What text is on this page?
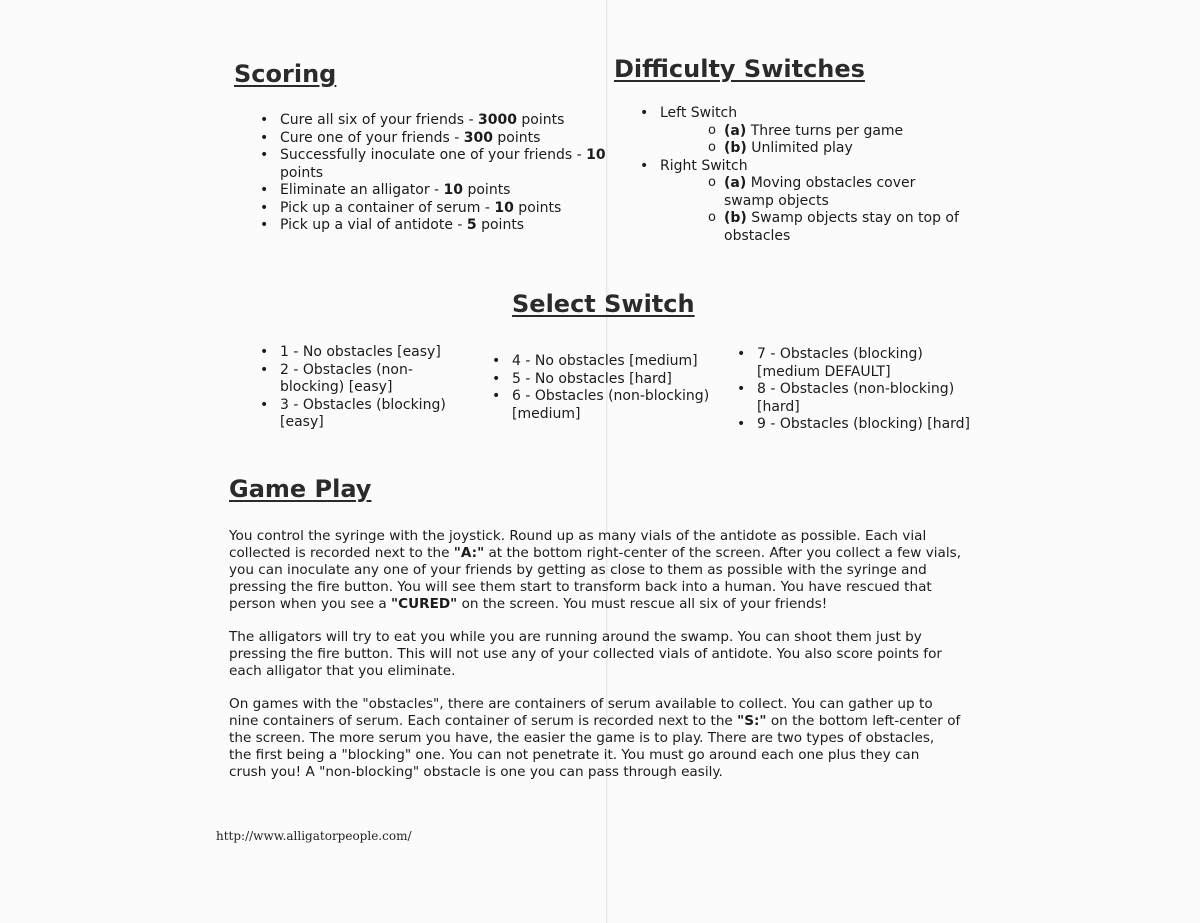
Scoring
• Cure all six of your friends - 3000 points
• Cure one of your friends - 300 points
• Successfully inoculate one of your friends - 10 points
• Eliminate an alligator - 10 points
• Pick up a container of serum - 10 points
• Pick up a vial of antidote - 5 points
Difficulty Switches
• Left Switch
o (a) Three turns per game
o (b) Unlimited play
• Right Switch
o (a) Moving obstacles cover swamp objects
o (b) Swamp objects stay on top of obstacles
Select Switch
• 1 - No obstacles [easy]
• 2 - Obstacles (non-blocking) [easy]
• 3 - Obstacles (blocking) [easy]
• 4 - No obstacles [medium]
• 5 - No obstacles [hard]
• 6 - Obstacles (non-blocking) [medium]
• 7 - Obstacles (blocking) [medium DEFAULT]
• 8 - Obstacles (non-blocking) [hard]
• 9 - Obstacles (blocking) [hard]
Game Play
You control the syringe with the joystick. Round up as many vials of the antidote as possible. Each vial
collected is recorded next to the "A:" at the bottom right-center of the screen. After you collect a few vials,
you can inoculate any one of your friends by getting as close to them as possible with the syringe and
pressing the fire button. You will see them start to transform back into a human. You have rescued that
person when you see a "CURED" on the screen. You must rescue all six of your friends!
The alligators will try to eat you while you are running around the swamp. You can shoot them just by
pressing the fire button. This will not use any of your collected vials of antidote. You also score points for
each alligator that you eliminate.
On games with the "obstacles", there are containers of serum available to collect. You can gather up to
nine containers of serum. Each container of serum is recorded next to the "S:" on the bottom left-center of
the screen. The more serum you have, the easier the game is to play. There are two types of obstacles,
the first being a "blocking" one. You can not penetrate it. You must go around each one plus they can
crush you! A "non-blocking" obstacle is one you can pass through easily.
http://www.alligatorpeople.com/
